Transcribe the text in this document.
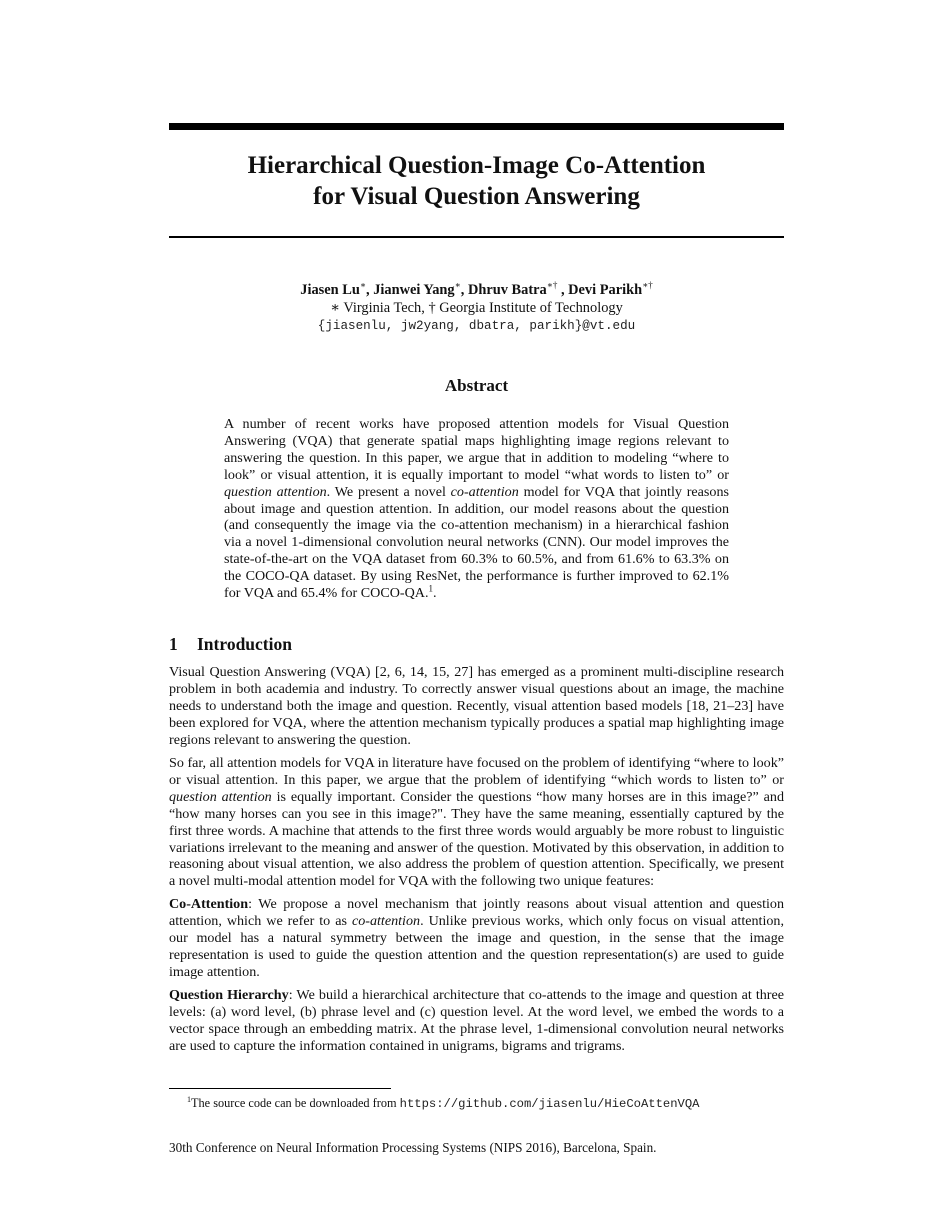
Hierarchical Question-Image Co-Attention
for Visual Question Answering
Jiasen Lu∗, Jianwei Yang∗, Dhruv Batra∗† , Devi Parikh∗†
∗ Virginia Tech, † Georgia Institute of Technology
{jiasenlu, jw2yang, dbatra, parikh}@vt.edu
Abstract
A number of recent works have proposed attention models for Visual Question Answering (VQA) that generate spatial maps highlighting image regions relevant to answering the question. In this paper, we argue that in addition to modeling “where to look” or visual attention, it is equally important to model “what words to listen to” or question attention. We present a novel co-attention model for VQA that jointly reasons about image and question attention. In addition, our model reasons about the question (and consequently the image via the co-attention mechanism) in a hierarchical fashion via a novel 1-dimensional convolution neural networks (CNN). Our model improves the state-of-the-art on the VQA dataset from 60.3% to 60.5%, and from 61.6% to 63.3% on the COCO-QA dataset. By using ResNet, the performance is further improved to 62.1% for VQA and 65.4% for COCO-QA.$^1$.
1 Introduction

Visual Question Answering (VQA) [2, 6, 14, 15, 27] has emerged as a prominent multi-discipline research problem in both academia and industry. To correctly answer visual questions about an image, the machine needs to understand both the image and question. Recently, visual attention based models [18, 21–23] have been explored for VQA, where the attention mechanism typically produces a spatial map highlighting image regions relevant to answering the question.

So far, all attention models for VQA in literature have focused on the problem of identifying “where to look” or visual attention. In this paper, we argue that the problem of identifying “which words to listen to” or question attention is equally important. Consider the questions “how many horses are in this image?” and “how many horses can you see in this image?". They have the same meaning, essentially captured by the first three words. A machine that attends to the first three words would arguably be more robust to linguistic variations irrelevant to the meaning and answer of the question. Motivated by this observation, in addition to reasoning about visual attention, we also address the problem of question attention. Specifically, we present a novel multi-modal attention model for VQA with the following two unique features:

Co-Attention: We propose a novel mechanism that jointly reasons about visual attention and question attention, which we refer to as co-attention. Unlike previous works, which only focus on visual attention, our model has a natural symmetry between the image and question, in the sense that the image representation is used to guide the question attention and the question representation(s) are used to guide image attention.

Question Hierarchy: We build a hierarchical architecture that co-attends to the image and question at three levels: (a) word level, (b) phrase level and (c) question level. At the word level, we embed the words to a vector space through an embedding matrix. At the phrase level, 1-dimensional convolution neural networks are used to capture the information contained in unigrams, bigrams and trigrams.

$^1$The source code can be downloaded from https://github.com/jiasenlu/HieCoAttenVQA
30th Conference on Neural Information Processing Systems (NIPS 2016), Barcelona, Spain.
